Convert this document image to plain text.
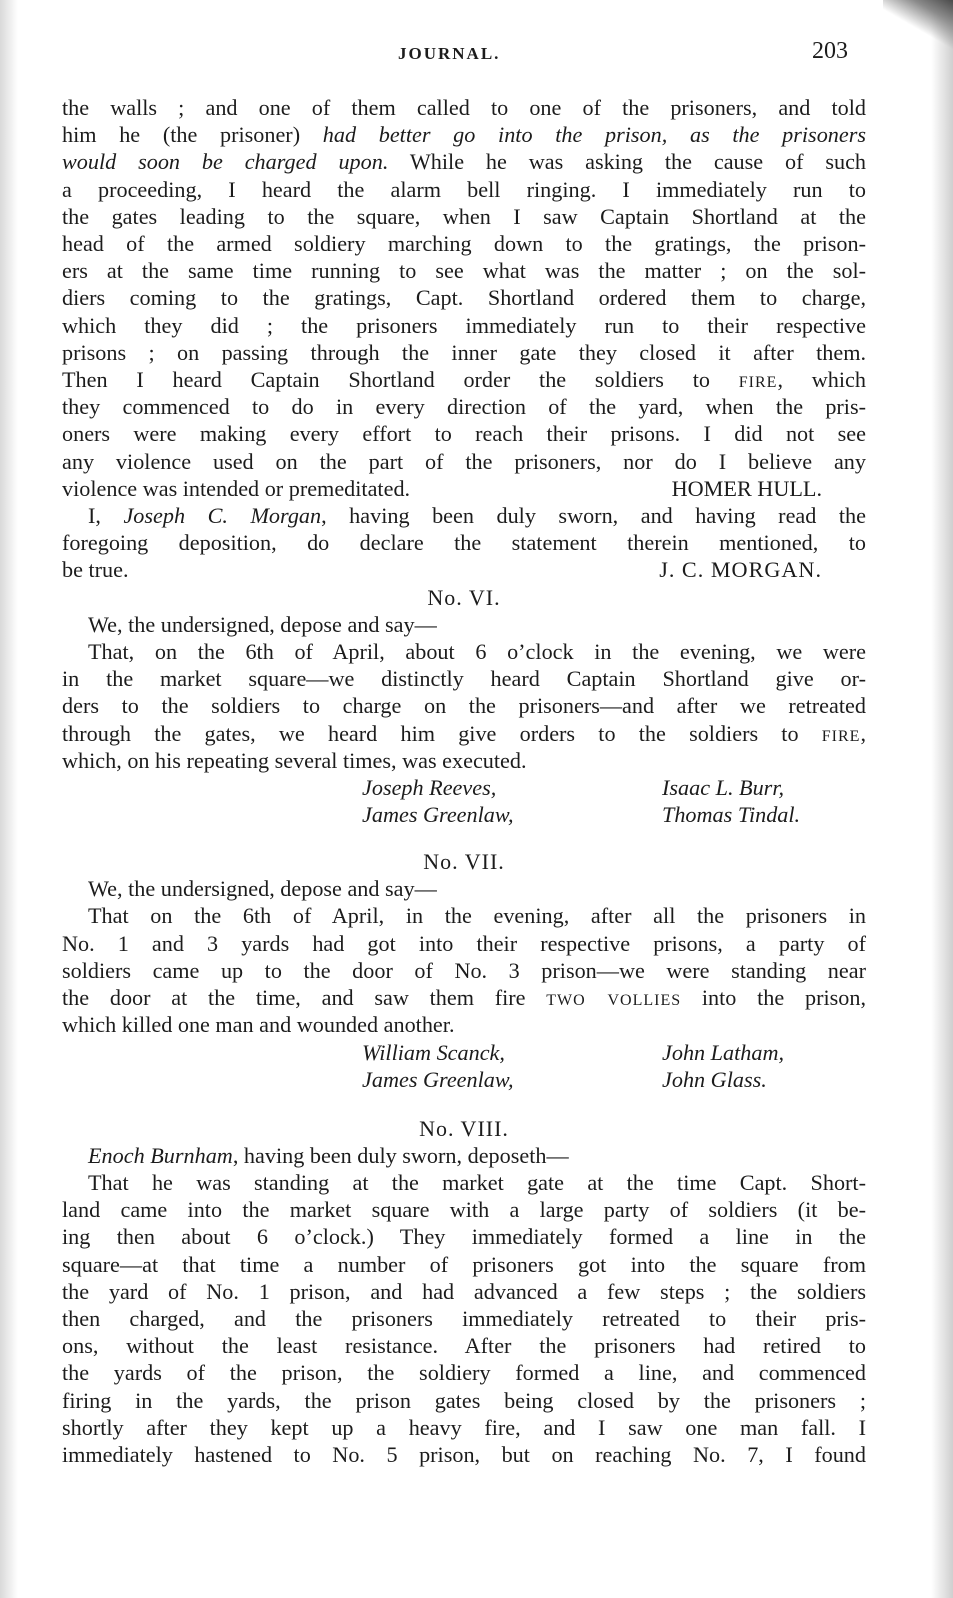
JOURNAL.	203
the walls ; and one of them called to one of the prisoners, and told
him he (the prisoner) had better go into the prison, as the prisoners
would soon be charged upon. While he was asking the cause of such
a proceeding, I heard the alarm bell ringing. I immediately run to
the gates leading to the square, when I saw Captain Shortland at the
head of the armed soldiery marching down to the gratings, the prison-
ers at the same time running to see what was the matter ; on the sol-
diers coming to the gratings, Capt. Shortland ordered them to charge,
which they did ; the prisoners immediately run to their respective
prisons ; on passing through the inner gate they closed it after them.
Then I heard Captain Shortland order the soldiers to fire, which
they commenced to do in every direction of the yard, when the pris-
oners were making every effort to reach their prisons. I did not see
any violence used on the part of the prisoners, nor do I believe any
violence was intended or premeditated.	HOMER HULL.
I, Joseph C. Morgan, having been duly sworn, and having read the
foregoing deposition, do declare the statement therein mentioned, to
be true.	J. C. MORGAN.
No. VI.
We, the undersigned, depose and say—
That, on the 6th of April, about 6 o’clock in the evening, we were
in the market square—we distinctly heard Captain Shortland give or-
ders to the soldiers to charge on the prisoners—and after we retreated
through the gates, we heard him give orders to the soldiers to fire,
which, on his repeating several times, was executed.
Joseph Reeves,	Isaac L. Burr,
James Greenlaw,	Thomas Tindal.
No. VII.
We, the undersigned, depose and say—
That on the 6th of April, in the evening, after all the prisoners in
No. 1 and 3 yards had got into their respective prisons, a party of
soldiers came up to the door of No. 3 prison—we were standing near
the door at the time, and saw them fire two vollies into the prison,
which killed one man and wounded another.
William Scanck,	John Latham,
James Greenlaw,	John Glass.
No. VIII.
Enoch Burnham, having been duly sworn, deposeth—
That he was standing at the market gate at the time Capt. Short-
land came into the market square with a large party of soldiers (it be-
ing then about 6 o’clock.) They immediately formed a line in the
square—at that time a number of prisoners got into the square from
the yard of No. 1 prison, and had advanced a few steps ; the soldiers
then charged, and the prisoners immediately retreated to their pris-
ons, without the least resistance. After the prisoners had retired to
the yards of the prison, the soldiery formed a line, and commenced
firing in the yards, the prison gates being closed by the prisoners ;
shortly after they kept up a heavy fire, and I saw one man fall. I
immediately hastened to No. 5 prison, but on reaching No. 7, I found
